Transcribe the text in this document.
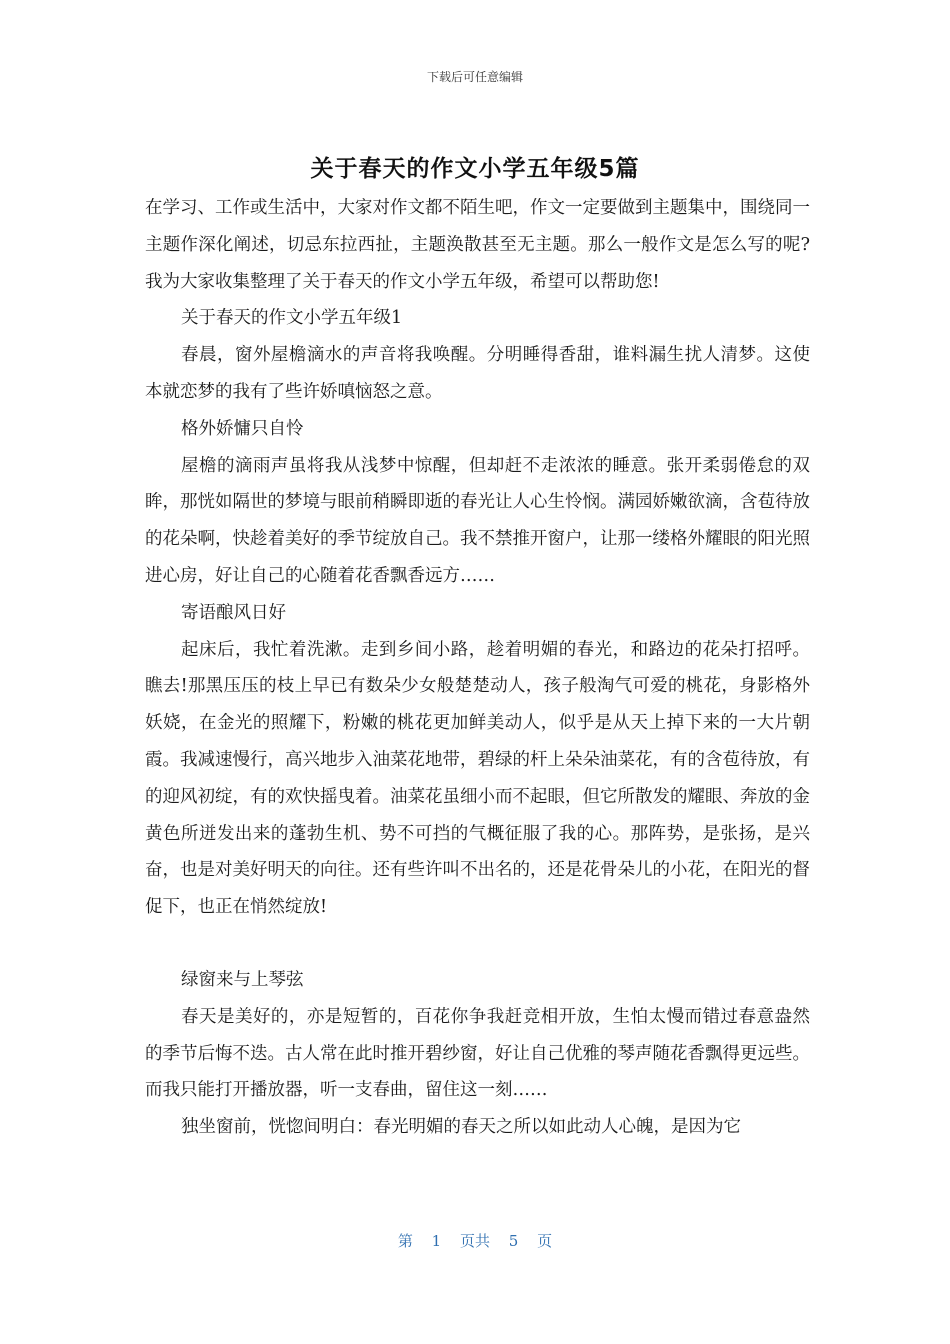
下载后可任意编辑
关于春天的作文小学五年级5篇

在学习、工作或生活中，大家对作文都不陌生吧，作文一定要做到主题集中，围绕同一主题作深化阐述，切忌东拉西扯，主题涣散甚至无主题。那么一般作文是怎么写的呢?我为大家收集整理了关于春天的作文小学五年级，希望可以帮助您!

关于春天的作文小学五年级1

春晨，窗外屋檐滴水的声音将我唤醒。分明睡得香甜，谁料漏生扰人清梦。这使本就恋梦的我有了些许娇嗔恼怒之意。

格外娇慵只自怜

屋檐的滴雨声虽将我从浅梦中惊醒，但却赶不走浓浓的睡意。张开柔弱倦怠的双眸，那恍如隔世的梦境与眼前稍瞬即逝的春光让人心生怜悯。满园娇嫩欲滴，含苞待放的花朵啊，快趁着美好的季节绽放自己。我不禁推开窗户，让那一缕格外耀眼的阳光照进心房，好让自己的心随着花香飘香远方……

寄语酿风日好

起床后，我忙着洗漱。走到乡间小路，趁着明媚的春光，和路边的花朵打招呼。瞧去!那黑压压的枝上早已有数朵少女般楚楚动人，孩子般淘气可爱的桃花，身影格外妖娆，在金光的照耀下，粉嫩的桃花更加鲜美动人，似乎是从天上掉下来的一大片朝霞。我减速慢行，高兴地步入油菜花地带，碧绿的杆上朵朵油菜花，有的含苞待放，有的迎风初绽，有的欢快摇曳着。油菜花虽细小而不起眼，但它所散发的耀眼、奔放的金黄色所迸发出来的蓬勃生机、势不可挡的气概征服了我的心。那阵势，是张扬，是兴奋，也是对美好明天的向往。还有些许叫不出名的，还是花骨朵儿的小花，在阳光的督促下，也正在悄然绽放!

绿窗来与上琴弦

春天是美好的，亦是短暂的，百花你争我赶竞相开放，生怕太慢而错过春意盎然的季节后悔不迭。古人常在此时推开碧纱窗，好让自己优雅的琴声随花香飘得更远些。而我只能打开播放器，听一支春曲，留住这一刻……

独坐窗前，恍惚间明白：春光明媚的春天之所以如此动人心魄，是因为它

第 1 页共 5 页
